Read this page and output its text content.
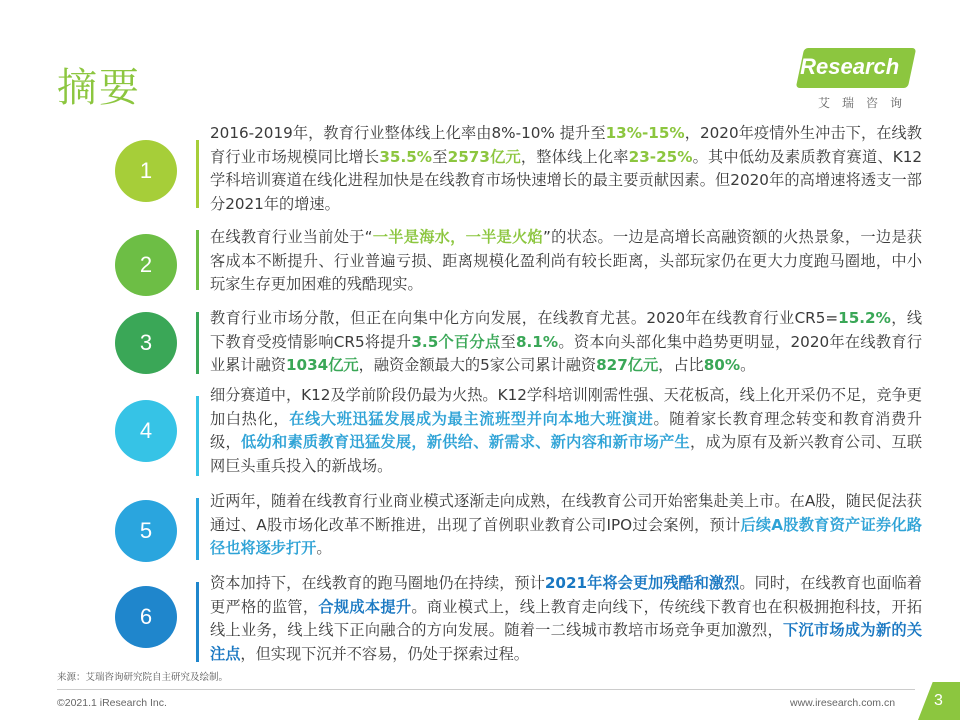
摘要	iResearch
艾瑞咨询
1
2016-2019年，教育行业整体线上化率由8%-10% 提升至13%-15%，2020年疫情外生冲击下，在线教育行业市场规模同比增长35.5%至2573亿元，整体线上化率23-25%。其中低幼及素质教育赛道、K12学科培训赛道在线化进程加快是在线教育市场快速增长的最主要贡献因素。但2020年的高增速将透支一部分2021年的增速。
2
在线教育行业当前处于“一半是海水，一半是火焰”的状态。一边是高增长高融资额的火热景象，一边是获客成本不断提升、行业普遍亏损、距离规模化盈利尚有较长距离，头部玩家仍在更大力度跑马圈地，中小玩家生存更加困难的残酷现实。
3
教育行业市场分散，但正在向集中化方向发展，在线教育尤甚。2020年在线教育行业CR5=15.2%，线下教育受疫情影响CR5将提升3.5个百分点至8.1%。资本向头部化集中趋势更明显，2020年在线教育行业累计融资1034亿元，融资金额最大的5家公司累计融资827亿元，占比80%。
4
细分赛道中，K12及学前阶段仍最为火热。K12学科培训刚需性强、天花板高，线上化开采仍不足，竞争更加白热化，在线大班迅猛发展成为最主流班型并向本地大班演进。随着家长教育理念转变和教育消费升级，低幼和素质教育迅猛发展，新供给、新需求、新内容和新市场产生，成为原有及新兴教育公司、互联网巨头重兵投入的新战场。
5
近两年，随着在线教育行业商业模式逐渐走向成熟，在线教育公司开始密集赴美上市。在A股，随民促法获通过、A股市场化改革不断推进，出现了首例职业教育公司IPO过会案例，预计后续A股教育资产证券化路径也将逐步打开。
6
资本加持下，在线教育的跑马圈地仍在持续，预计2021年将会更加残酷和激烈。同时，在线教育也面临着更严格的监管，合规成本提升。商业模式上，线上教育走向线下，传统线下教育也在积极拥抱科技，开拓线上业务，线上线下正向融合的方向发展。随着一二线城市教培市场竞争更加激烈，下沉市场成为新的关注点，但实现下沉并不容易，仍处于探索过程。
来源：艾瑞咨询研究院自主研究及绘制。
©2021.1 iResearch Inc.	www.iresearch.com.cn 3
